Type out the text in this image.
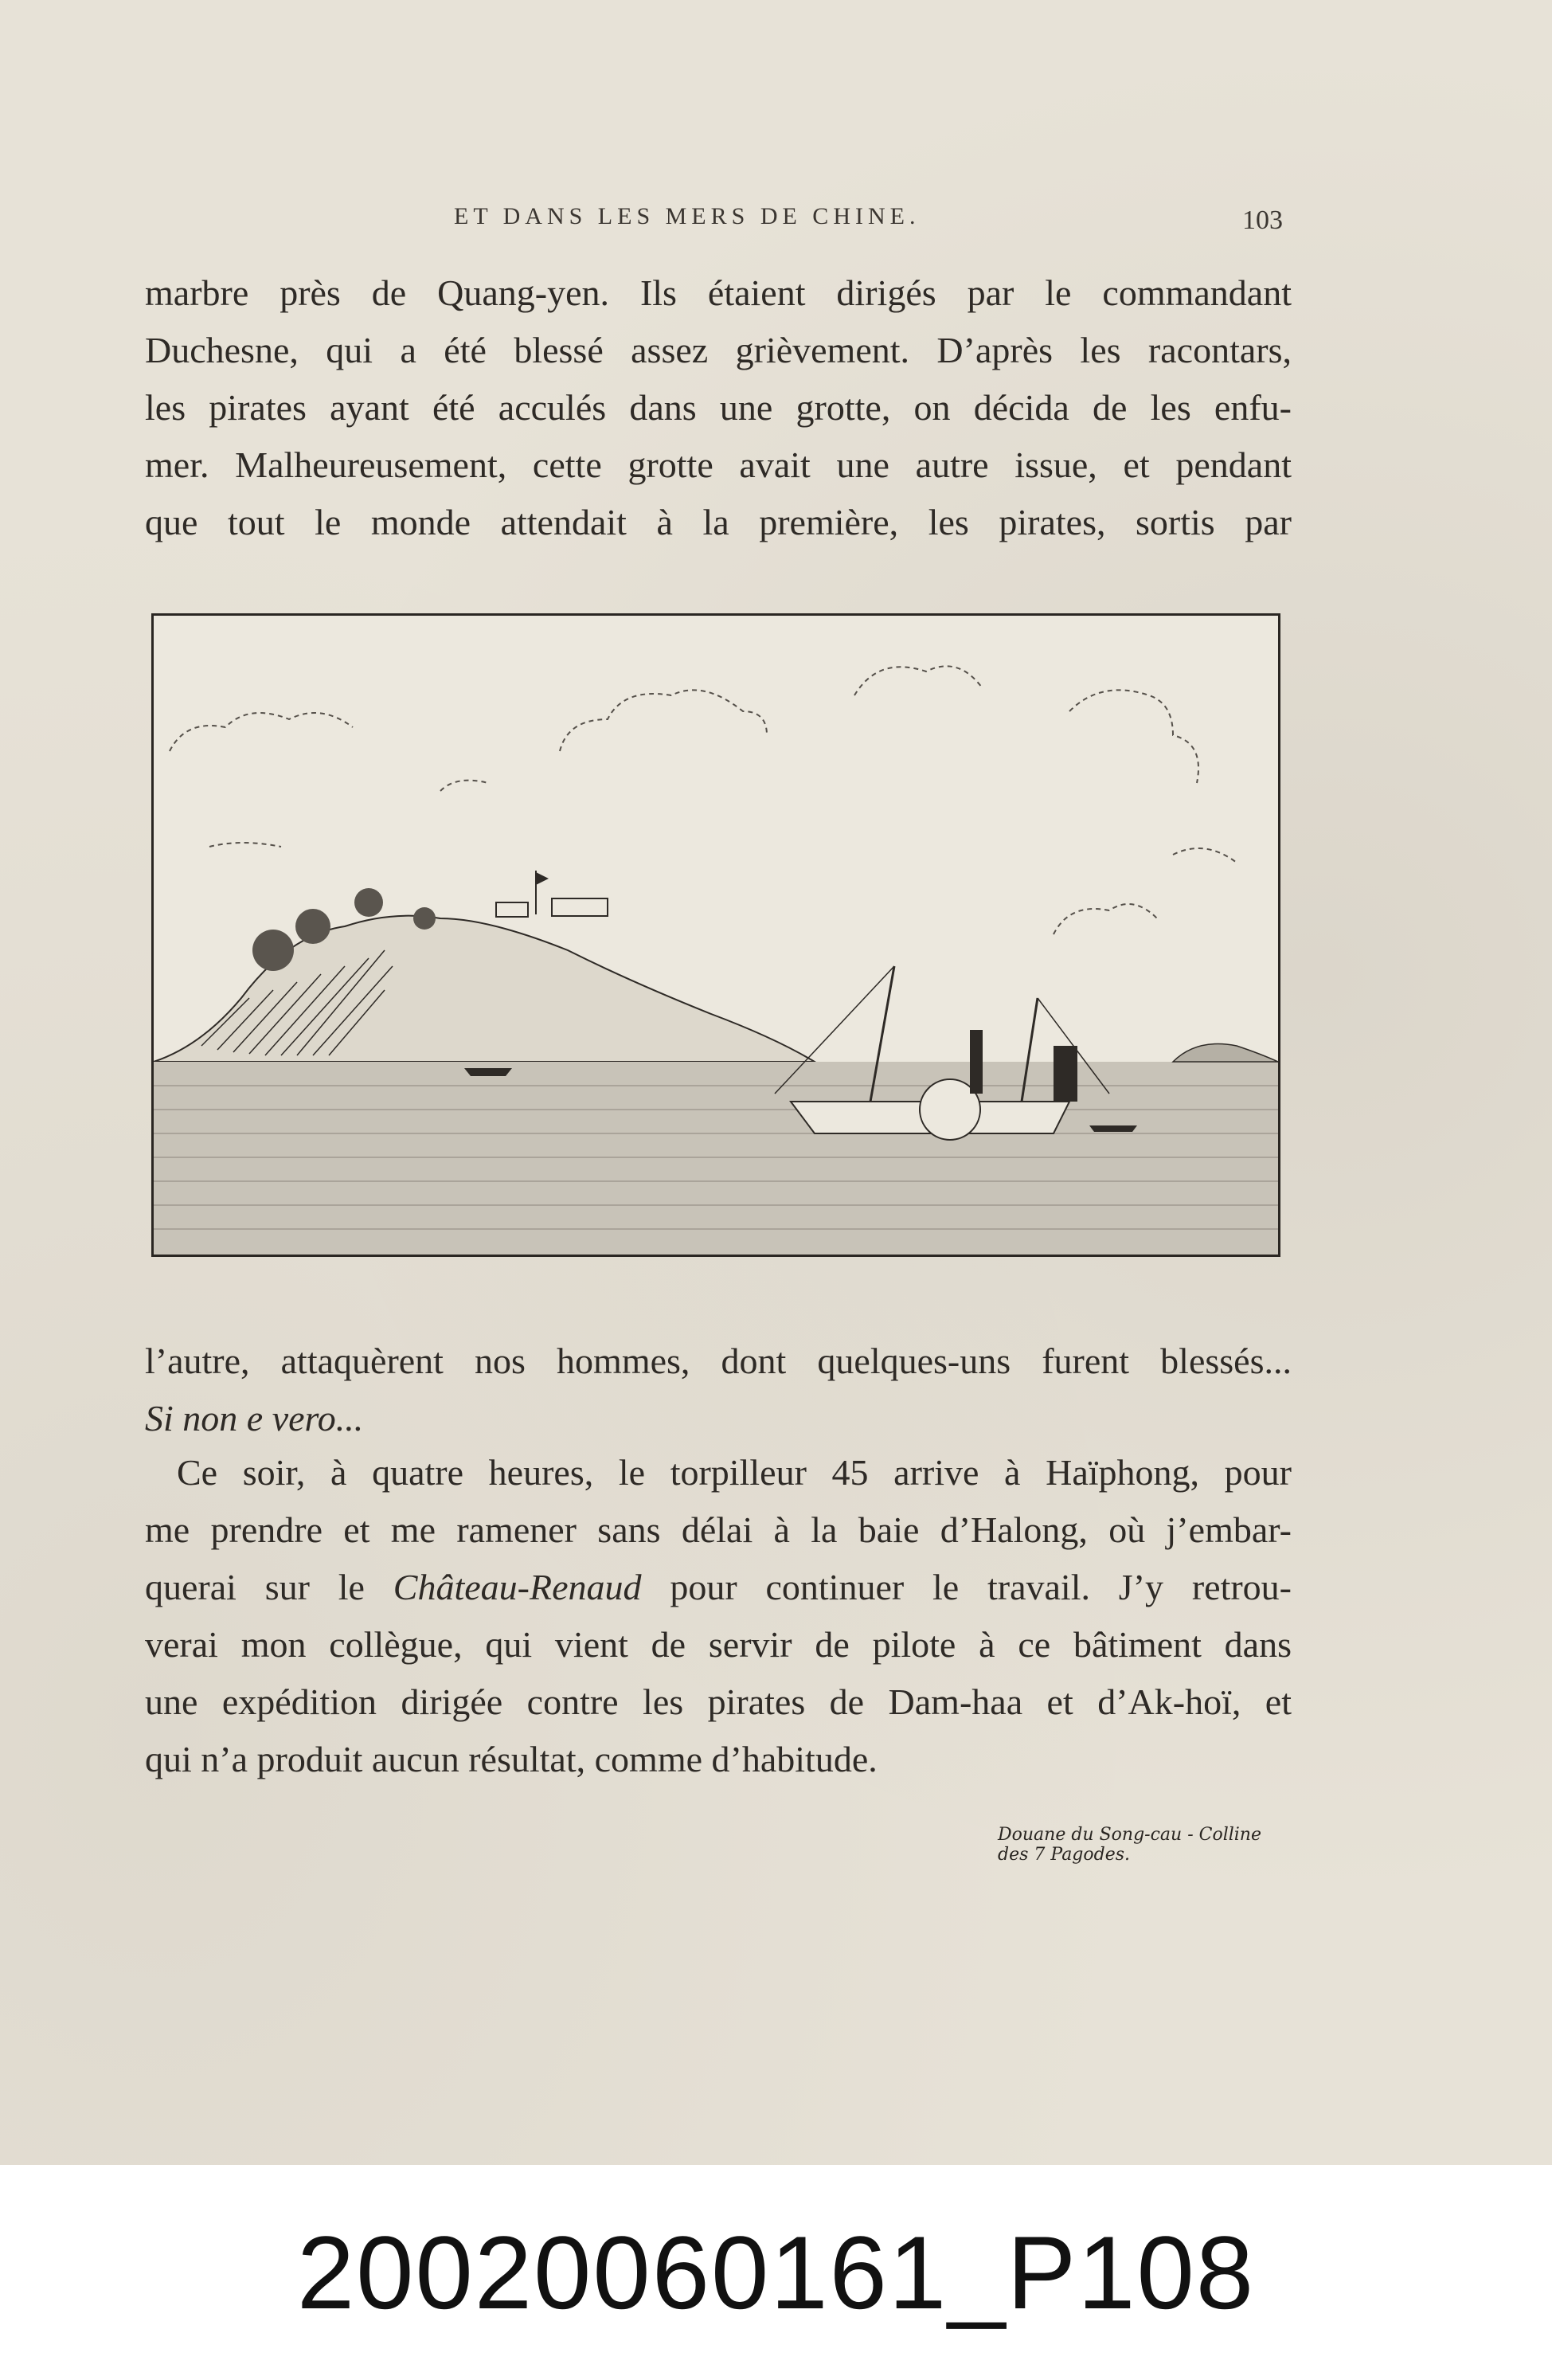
ET DANS LES MERS DE CHINE.	103
marbre près de Quang-yen. Ils étaient dirigés par le commandant
Duchesne, qui a été blessé assez grièvement. D’après les racontars,
les pirates ayant été acculés dans une grotte, on décida de les enfu-
mer. Malheureusement, cette grotte avait une autre issue, et pendant
que tout le monde attendait à la première, les pirates, sortis par
Douane du Song-cau - Colline des 7 Pagodes.
l’autre, attaquèrent nos hommes, dont quelques-uns furent blessés...
Si non e vero...
Ce soir, à quatre heures, le torpilleur 45 arrive à Haïphong, pour
me prendre et me ramener sans délai à la baie d’Halong, où j’embar-
querai sur le Château-Renaud pour continuer le travail. J’y retrou-
verai mon collègue, qui vient de servir de pilote à ce bâtiment dans
une expédition dirigée contre les pirates de Dam-haa et d’Ak-hoï, et
qui n’a produit aucun résultat, comme d’habitude.
20020060161_P108
